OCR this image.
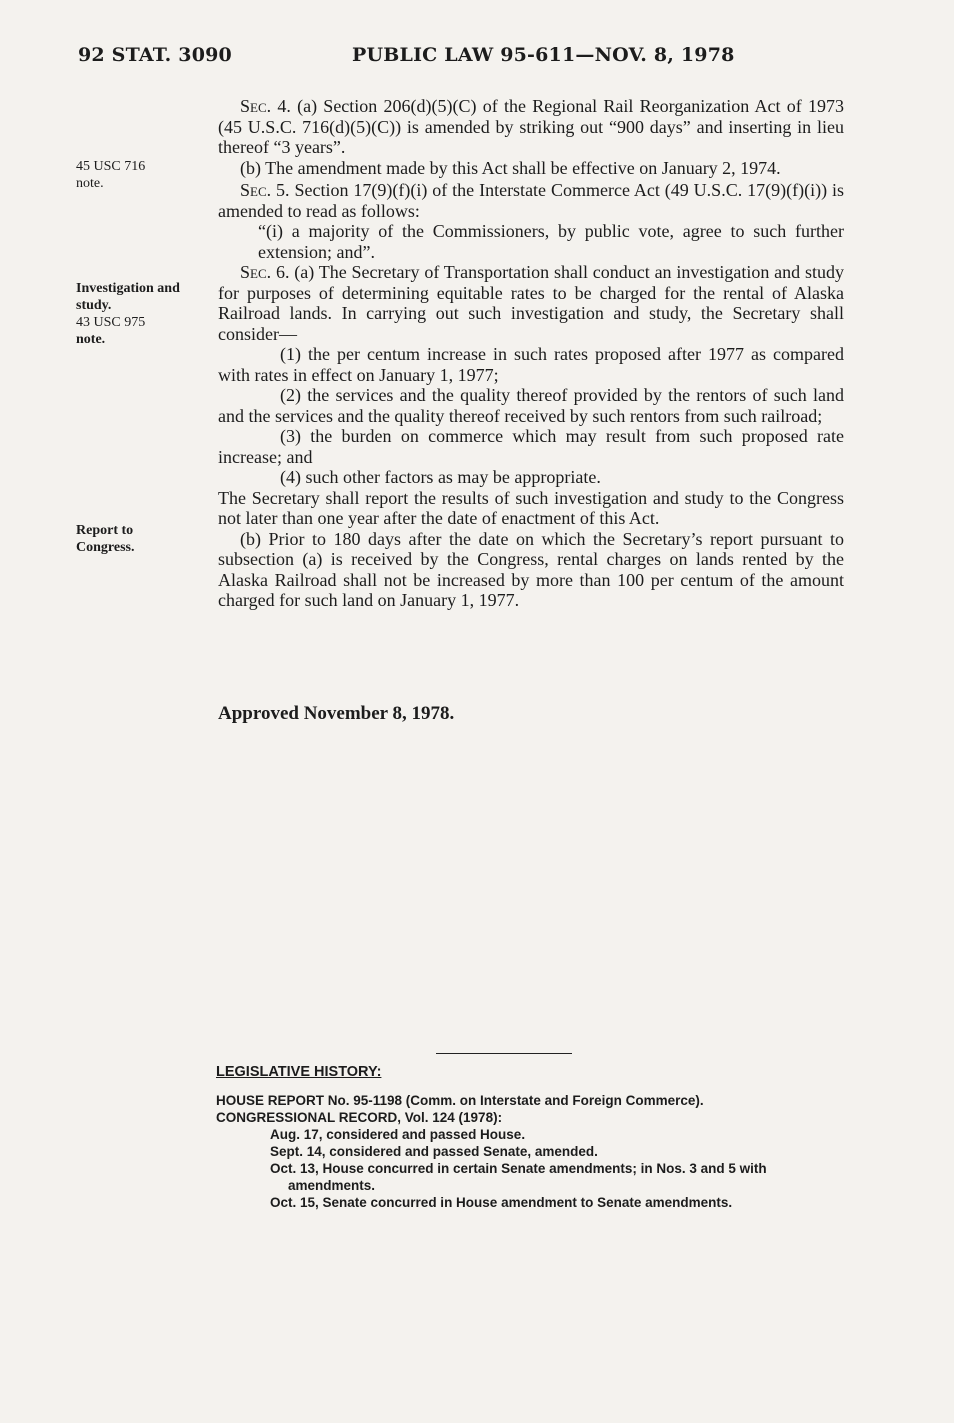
92 STAT. 3090	PUBLIC LAW 95-611—NOV. 8, 1978
45 USC 716
note.
Investigation and
study.
43 USC 975
note.
Report to
Congress.

Sec. 4. (a) Section 206(d)(5)(C) of the Regional Rail Reorganization Act of 1973 (45 U.S.C. 716(d)(5)(C)) is amended by striking out “900 days” and inserting in lieu thereof “3 years”.

(b) The amendment made by this Act shall be effective on January 2, 1974.

Sec. 5. Section 17(9)(f)(i) of the Interstate Commerce Act (49 U.S.C. 17(9)(f)(i)) is amended to read as follows:

“(i) a majority of the Commissioners, by public vote, agree to such further extension; and”.

Sec. 6. (a) The Secretary of Transportation shall conduct an investigation and study for purposes of determining equitable rates to be charged for the rental of Alaska Railroad lands. In carrying out such investigation and study, the Secretary shall consider—

(1) the per centum increase in such rates proposed after 1977 as compared with rates in effect on January 1, 1977;

(2) the services and the quality thereof provided by the rentors of such land and the services and the quality thereof received by such rentors from such railroad;

(3) the burden on commerce which may result from such proposed rate increase; and

(4) such other factors as may be appropriate.

The Secretary shall report the results of such investigation and study to the Congress not later than one year after the date of enactment of this Act.

(b) Prior to 180 days after the date on which the Secretary’s report pursuant to subsection (a) is received by the Congress, rental charges on lands rented by the Alaska Railroad shall not be increased by more than 100 per centum of the amount charged for such land on January 1, 1977.

Approved November 8, 1978.
LEGISLATIVE HISTORY:

HOUSE REPORT No. 95-1198 (Comm. on Interstate and Foreign Commerce).

CONGRESSIONAL RECORD, Vol. 124 (1978):

Aug. 17, considered and passed House.

Sept. 14, considered and passed Senate, amended.

Oct. 13, House concurred in certain Senate amendments; in Nos. 3 and 5 with amendments.

Oct. 15, Senate concurred in House amendment to Senate amendments.
